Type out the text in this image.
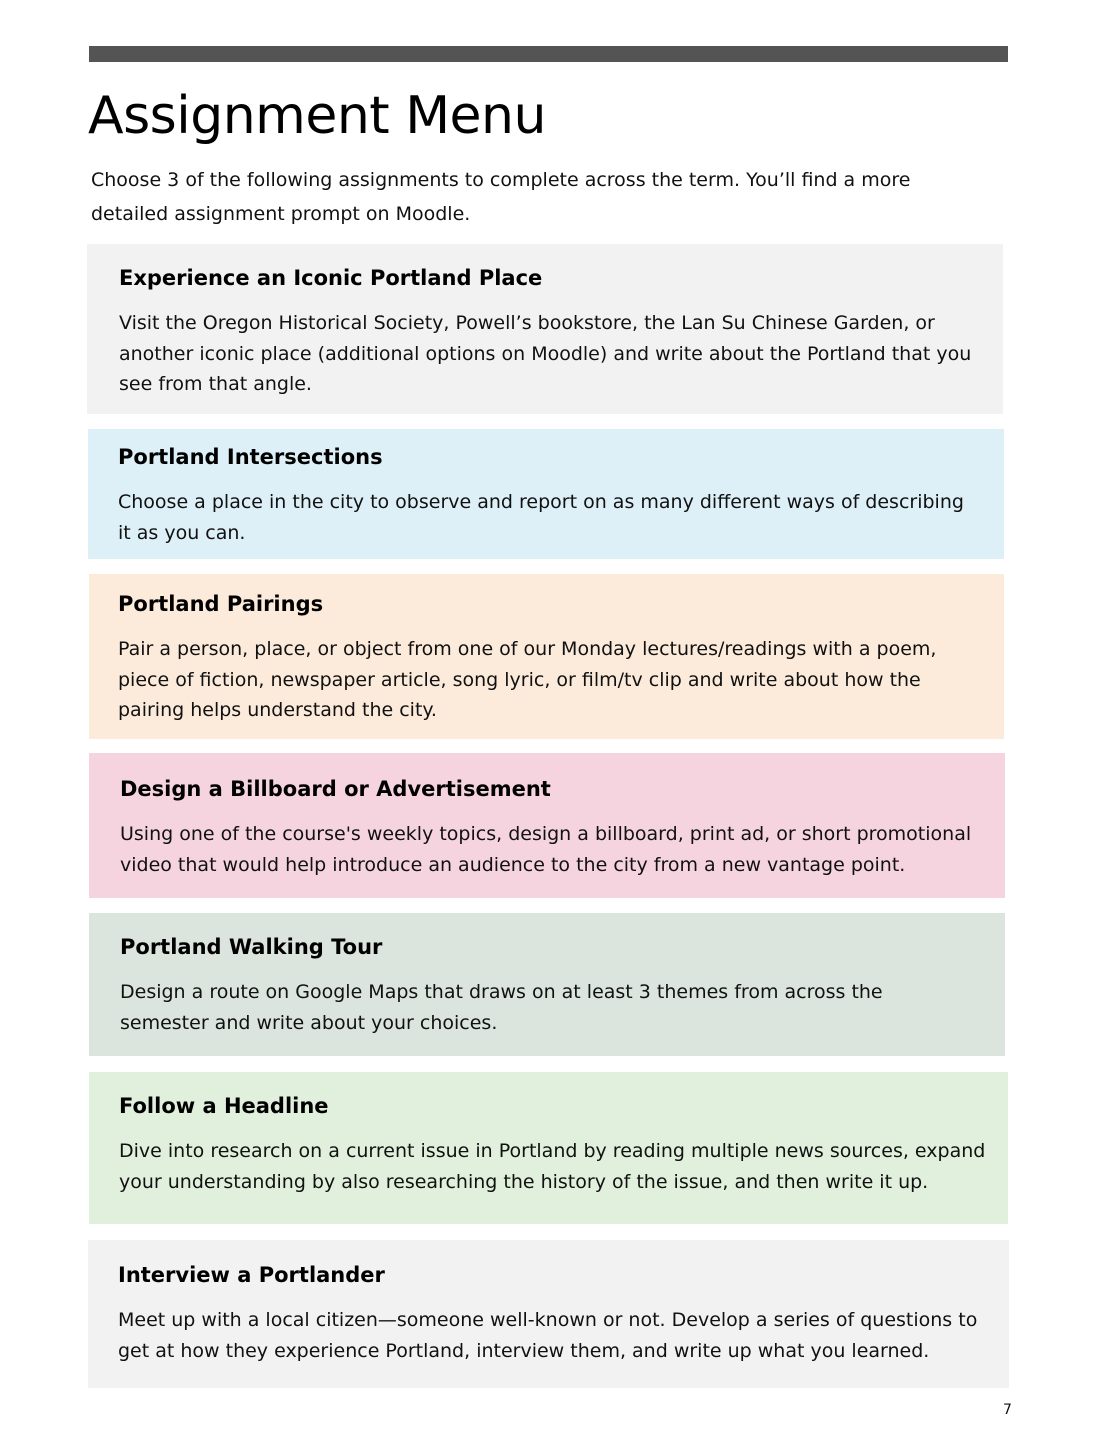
Assignment Menu

Choose 3 of the following assignments to complete across the term. You’ll find a more detailed assignment prompt on Moodle.

Experience an Iconic Portland Place

Visit the Oregon Historical Society, Powell’s bookstore, the Lan Su Chinese Garden, or another iconic place (additional options on Moodle) and write about the Portland that you see from that angle.

Portland Intersections

Choose a place in the city to observe and report on as many different ways of describing it as you can.

Portland Pairings

Pair a person, place, or object from one of our Monday lectures/readings with a poem, piece of fiction, newspaper article, song lyric, or film/tv clip and write about how the pairing helps understand the city.

Design a Billboard or Advertisement

Using one of the course's weekly topics, design a billboard, print ad, or short promotional video that would help introduce an audience to the city from a new vantage point.

Portland Walking Tour

Design a route on Google Maps that draws on at least 3 themes from across the semester and write about your choices.

Follow a Headline

Dive into research on a current issue in Portland by reading multiple news sources, expand your understanding by also researching the history of the issue, and then write it up.

Interview a Portlander

Meet up with a local citizen—someone well-known or not. Develop a series of questions to get at how they experience Portland, interview them, and write up what you learned.

7
